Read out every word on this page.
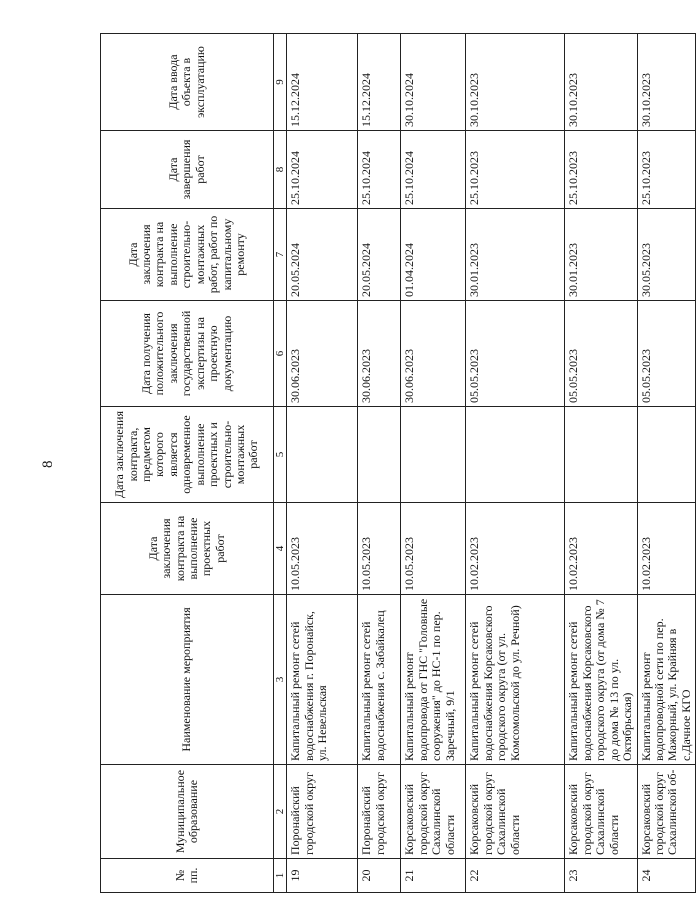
8
№ пп.	Муниципальное образование	Наименование мероприятия	Дата заключения контракта на выполнение проектных работ	Дата заключения контракта, предметом которого является одновременное выполнение проектных и строительно-монтажных работ	Дата получения положительного заключения государственной экспертизы на проектную документацию	Дата заключения контракта на выполнение строительно-монтажных работ, работ по капитальному ремонту	Дата завершения работ	Дата ввода объекта в эксплуатацию
1	2	3	4	5	6	7	8	9
19	Поронайский городской округ	Капитальный ремонт сетей водоснабжения г. Поронайск, ул. Невельская	10.05.2023		30.06.2023	20.05.2024	25.10.2024	15.12.2024
20	Поронайский городской округ	Капитальный ремонт сетей водоснабжения с. Забайкалец	10.05.2023		30.06.2023	20.05.2024	25.10.2024	15.12.2024
21	Корсаковский городской округ Сахалинской области	Капитальный ремонт водопровода от ГНС "Головные сооружения" до НС-1 по пер. Заречный, 9/1	10.05.2023		30.06.2023	01.04.2024	25.10.2024	30.10.2024
22	Корсаковский городской округ Сахалинской области	Капитальный ремонт сетей водоснабжения Корсаковского городского округа (от ул. Комсомольской до ул. Речной)	10.02.2023		05.05.2023	30.01.2023	25.10.2023	30.10.2023
23	Корсаковский городской округ Сахалинской области	Капитальный ремонт сетей водоснабжения Корсаковского городского округа (от дома № 7 до дома № 13 по ул. Октябрьская)	10.02.2023		05.05.2023	30.01.2023	25.10.2023	30.10.2023
24	Корсаковский городской округ Сахалинской об-	Капитальный ремонт водопроводной сети по пер. Мажорный, ул. Крайняя в с.Дачное КГО	10.02.2023		05.05.2023	30.05.2023	25.10.2023	30.10.2023
